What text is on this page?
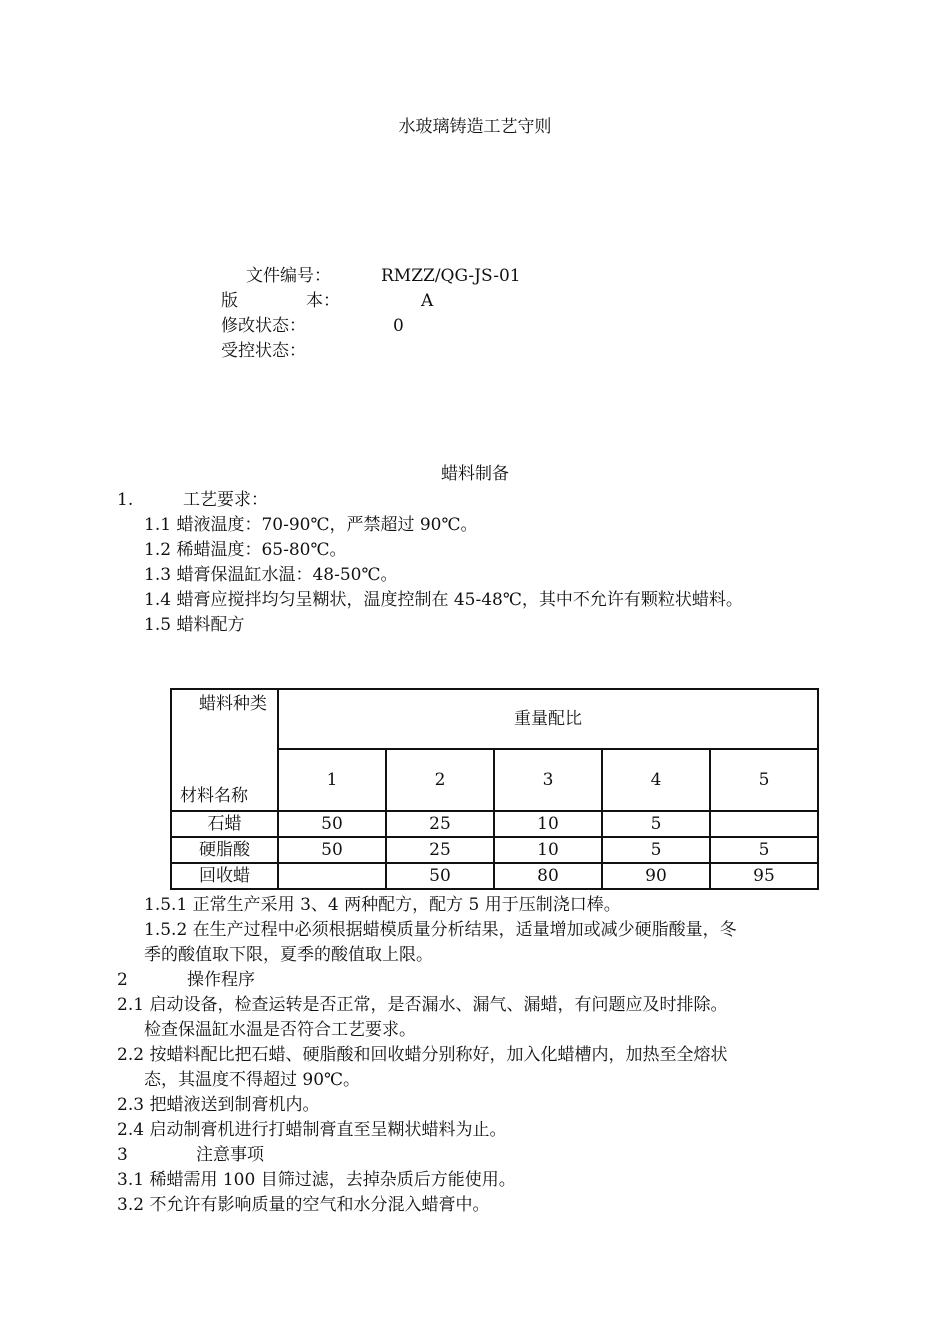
水玻璃铸造工艺守则
文件编号：	RMZZ/QG-JS-01
版	本：	A
修改状态：	0
受控状态：
蜡料制备
1.	工艺要求：
1.1 蜡液温度：70-90℃，严禁超过 90℃。
1.2 稀蜡温度：65-80℃。
1.3 蜡膏保温缸水温：48-50℃。
1.4 蜡膏应搅拌均匀呈糊状，温度控制在 45-48℃，其中不允许有颗粒状蜡料。
1.5 蜡料配方
蜡料种类
材料名称	重量配比				
	1	2	3	4	5
石蜡	50	25	10	5	
硬脂酸	50	25	10	5	5
回收蜡		50	80	90	95
1.5.1 正常生产采用 3、4 两种配方，配方 5 用于压制浇口棒。
1.5.2 在生产过程中必须根据蜡模质量分析结果，适量增加或减少硬脂酸量，冬
季的酸值取下限，夏季的酸值取上限。
2	操作程序
2.1 启动设备，检查运转是否正常，是否漏水、漏气、漏蜡，有问题应及时排除。
检查保温缸水温是否符合工艺要求。
2.2 按蜡料配比把石蜡、硬脂酸和回收蜡分别称好，加入化蜡槽内，加热至全熔状
态，其温度不得超过 90℃。
2.3 把蜡液送到制膏机内。
2.4 启动制膏机进行打蜡制膏直至呈糊状蜡料为止。
3	注意事项
3.1 稀蜡需用 100 目筛过滤，去掉杂质后方能使用。
3.2 不允许有影响质量的空气和水分混入蜡膏中。
